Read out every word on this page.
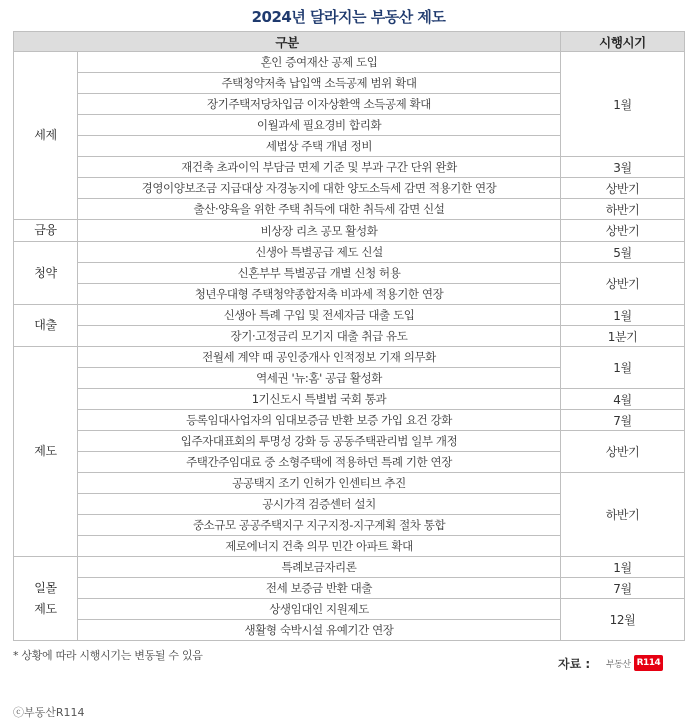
2024년 달라지는 부동산 제도
구분		시행시기
세제	혼인 증여재산 공제 도입	1월
	주택청약저축 납입액 소득공제 범위 확대	
	장기주택저당차입금 이자상환액 소득공제 확대	
	이월과세 필요경비 합리화	
	세법상 주택 개념 정비	
	재건축 초과이익 부담금 면제 기준 및 부과 구간 단위 완화	3월
	경영이양보조금 지급대상 자경농지에 대한 양도소득세 감면 적용기한 연장	상반기
	출산·양육을 위한 주택 취득에 대한 취득세 감면 신설	하반기
금융	비상장 리츠 공모 활성화	상반기
청약	신생아 특별공급 제도 신설	5월
	신혼부부 특별공급 개별 신청 허용	상반기
	청년우대형 주택청약종합저축 비과세 적용기한 연장	
대출	신생아 특례 구입 및 전세자금 대출 도입	1월
	장기·고정금리 모기지 대출 취급 유도	1분기
제도	전월세 계약 때 공인중개사 인적정보 기재 의무화	1월
	역세권 '뉴:홈' 공급 활성화	
	1기신도시 특별법 국회 통과	4월
	등록임대사업자의 임대보증금 반환 보증 가입 요건 강화	7월
	입주자대표회의 투명성 강화 등 공동주택관리법 일부 개정	상반기
	주택간주임대료 중 소형주택에 적용하던 특례 기한 연장	
	공공택지 조기 인허가 인센티브 추진	하반기
	공시가격 검증센터 설치	
	중소규모 공공주택지구 지구지정-지구계획 절차 통합	
	제로에너지 건축 의무 민간 아파트 확대	
일몰
제도	특례보금자리론	1월
	전세 보증금 반환 대출	7월
	상생임대인 지원제도	12월
	생활형 숙박시설 유예기간 연장	
* 상황에 따라 시행시기는 변동될 수 있음
자료 : 부동산 R114
ⓒ부동산R114
